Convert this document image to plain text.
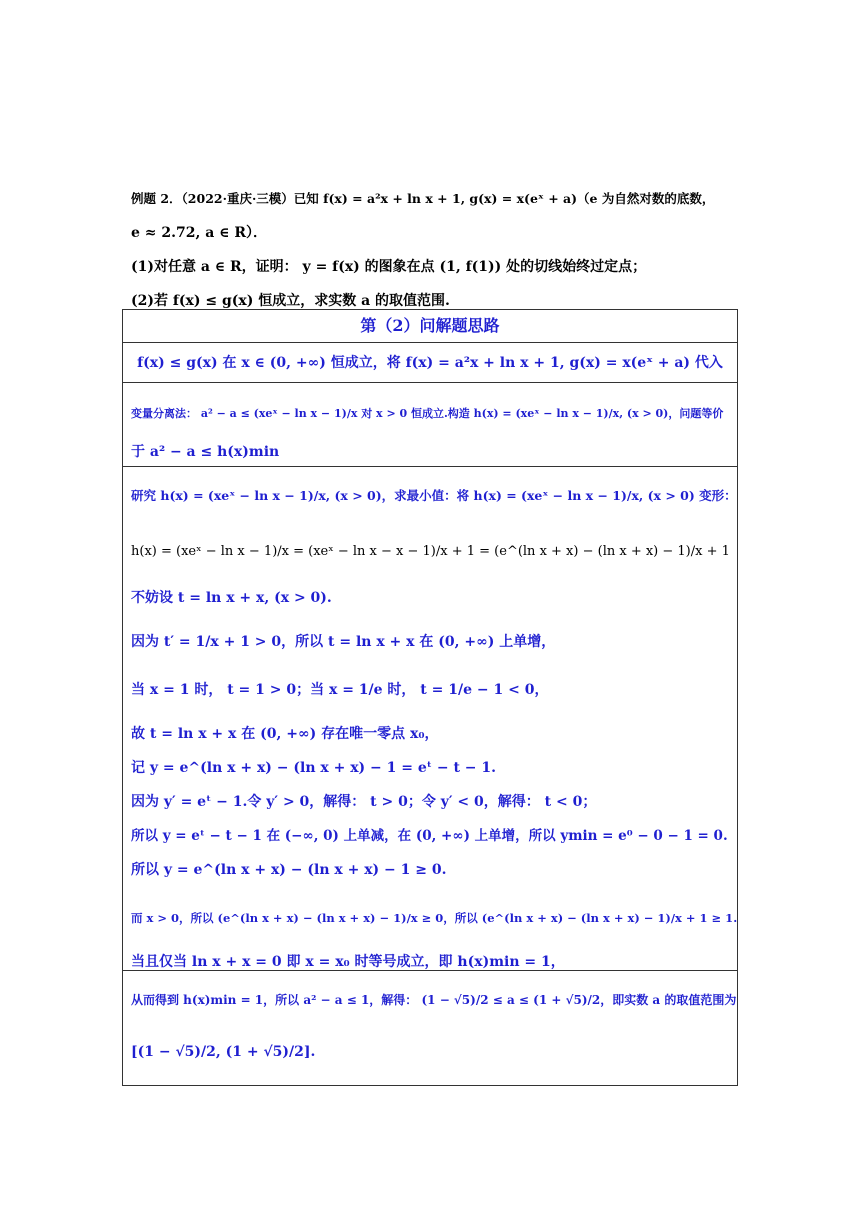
例题 2．（2022·重庆·三模）已知 f(x) = a²x + ln x + 1, g(x) = x(eˣ + a)（e 为自然对数的底数，
e ≈ 2.72, a ∈ R）．
(1)对任意 a ∈ R，证明： y = f(x) 的图象在点 (1, f(1)) 处的切线始终过定点；
(2)若 f(x) ≤ g(x) 恒成立，求实数 a 的取值范围.
第（2）问解题思路
f(x) ≤ g(x) 在 x ∈ (0, +∞) 恒成立，将 f(x) = a²x + ln x + 1, g(x) = x(eˣ + a) 代入
变量分离法： a² − a ≤ (xeˣ − ln x − 1)/x 对 x > 0 恒成立.构造 h(x) = (xeˣ − ln x − 1)/x, (x > 0)，问题等价
于 a² − a ≤ h(x)min
研究 h(x) = (xeˣ − ln x − 1)/x, (x > 0)，求最小值：将 h(x) = (xeˣ − ln x − 1)/x, (x > 0) 变形：
h(x) = (xeˣ − ln x − 1)/x = (xeˣ − ln x − x − 1)/x + 1 = (e^(ln x + x) − (ln x + x) − 1)/x + 1
不妨设 t = ln x + x, (x > 0).
因为 t′ = 1/x + 1 > 0，所以 t = ln x + x 在 (0, +∞) 上单增，
当 x = 1 时， t = 1 > 0；当 x = 1/e 时， t = 1/e − 1 < 0，
故 t = ln x + x 在 (0, +∞) 存在唯一零点 x₀，
记 y = e^(ln x + x) − (ln x + x) − 1 = eᵗ − t − 1.
因为 y′ = eᵗ − 1.令 y′ > 0，解得： t > 0；令 y′ < 0，解得： t < 0；
所以 y = eᵗ − t − 1 在 (−∞, 0) 上单减，在 (0, +∞) 上单增，所以 ymin = e⁰ − 0 − 1 = 0.
所以 y = e^(ln x + x) − (ln x + x) − 1 ≥ 0.
而 x > 0，所以 (e^(ln x + x) − (ln x + x) − 1)/x ≥ 0，所以 (e^(ln x + x) − (ln x + x) − 1)/x + 1 ≥ 1.
当且仅当 ln x + x = 0 即 x = x₀ 时等号成立，即 h(x)min = 1，
从而得到 h(x)min = 1，所以 a² − a ≤ 1，解得： (1 − √5)/2 ≤ a ≤ (1 + √5)/2，即实数 a 的取值范围为
[(1 − √5)/2, (1 + √5)/2].
